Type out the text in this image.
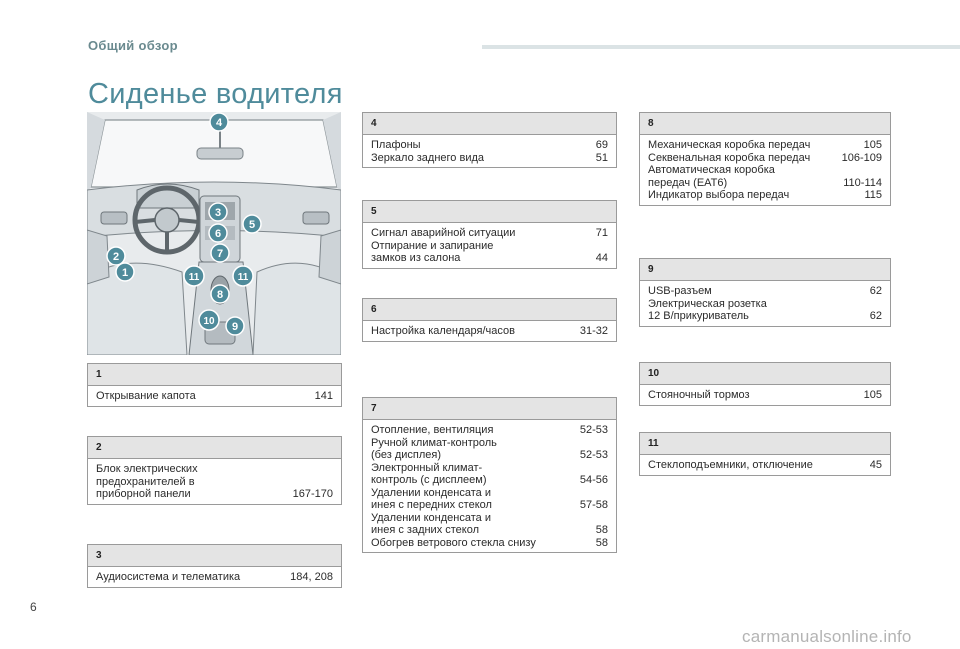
Общий обзор
Сиденье водителя
4
3
5
6
7
2
1	11	11
8
10 9
1
Открывание капота	141
2
Блок электрических
предохранителей в
приборной панели	167-170
3
Аудиосистема и телематика	184, 208
4
Плафоны	69
Зеркало заднего вида	51
5
Сигнал аварийной ситуации	71
Отпирание и запирание
замков из салона	44
6
Настройка календаря/часов	31-32
7
Отопление, вентиляция	52-53
Ручной климат-контроль
(без дисплея)	52-53
Электронный климат-
контроль (с дисплеем)	54-56
Удалении конденсата и
инея с передних стекол	57-58
Удалении конденсата и
инея с задних стекол	58
Обогрев ветрового стекла снизу	58
8
Механическая коробка передач	105
Секвенальная коробка передач	106-109
Автоматическая коробка
передач (EAT6)	110-114
Индикатор выбора передач	115
9
USB-разъем	62
Электрическая розетка
12 В/прикуриватель	62
10
Стояночный тормоз	105
11
Стеклоподъемники, отключение	45
6
carmanualsonline.info
